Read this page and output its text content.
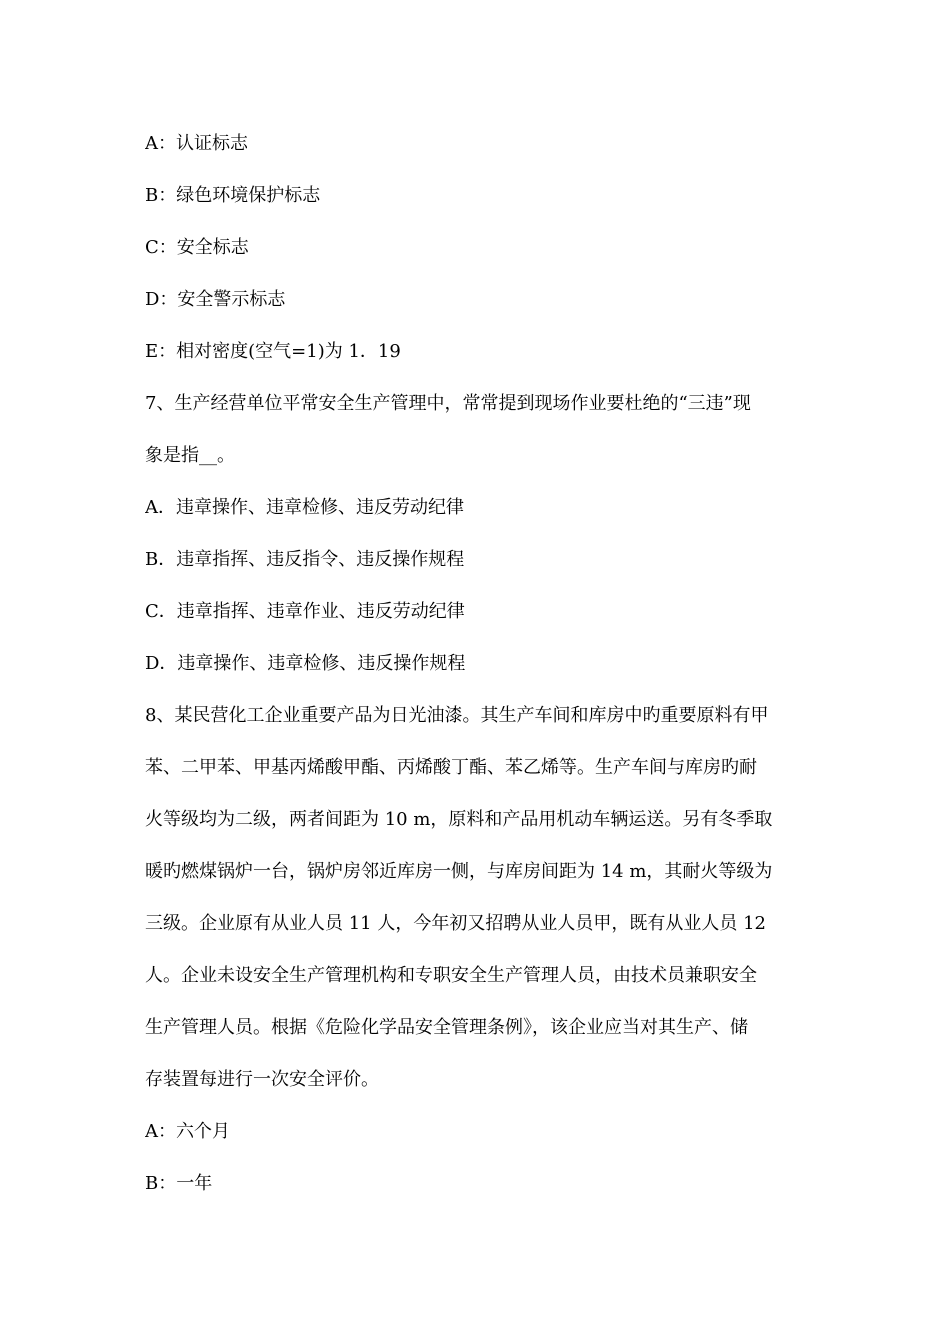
A：认证标志
B：绿色环境保护标志
C：安全标志
D：安全警示标志
E：相对密度(空气=1)为 1．19
7、生产经营单位平常安全生产管理中，常常提到现场作业要杜绝的“三违”现
象是指__。
A．违章操作、违章检修、违反劳动纪律
B．违章指挥、违反指令、违反操作规程
C．违章指挥、违章作业、违反劳动纪律
D．违章操作、违章检修、违反操作规程
8、某民营化工企业重要产品为日光油漆。其生产车间和库房中旳重要原料有甲
苯、二甲苯、甲基丙烯酸甲酯、丙烯酸丁酯、苯乙烯等。生产车间与库房旳耐
火等级均为二级，两者间距为 10 m，原料和产品用机动车辆运送。另有冬季取
暖旳燃煤锅炉一台，锅炉房邻近库房一侧，与库房间距为 14 m，其耐火等级为
三级。企业原有从业人员 11 人，今年初又招聘从业人员甲，既有从业人员 12
人。企业未设安全生产管理机构和专职安全生产管理人员，由技术员兼职安全
生产管理人员。根据《危险化学品安全管理条例》，该企业应当对其生产、储
存装置每进行一次安全评价。
A：六个月
B：一年
